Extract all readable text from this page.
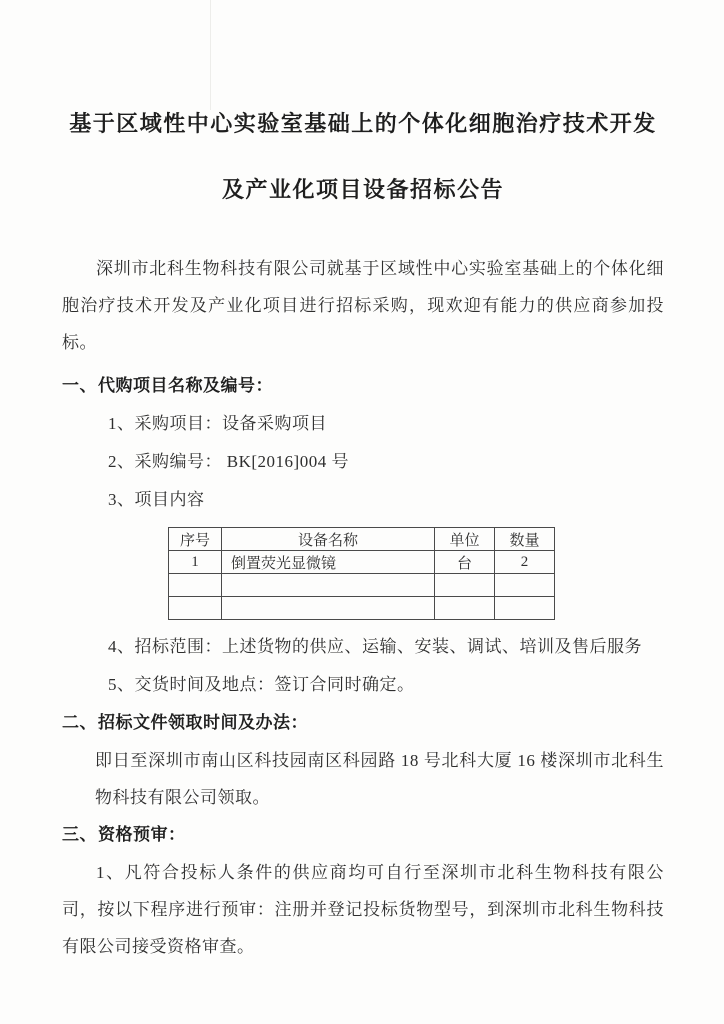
基于区域性中心实验室基础上的个体化细胞治疗技术开发
及产业化项目设备招标公告

深圳市北科生物科技有限公司就基于区域性中心实验室基础上的个体化细胞治疗技术开发及产业化项目进行招标采购，现欢迎有能力的供应商参加投标。

一、 代购项目名称及编号：
1、采购项目：设备采购项目
2、采购编号： BK[2016]004 号
3、项目内容
序号	设备名称	单位	数量
1	倒置荧光显微镜	台	2

4、招标范围：上述货物的供应、运输、安装、调试、培训及售后服务
5、交货时间及地点：签订合同时确定。
二、 招标文件领取时间及办法：

即日至深圳市南山区科技园南区科园路 18 号北科大厦 16 楼深圳市北科生物科技有限公司领取。

三、 资格预审：

1、凡符合投标人条件的供应商均可自行至深圳市北科生物科技有限公司，按以下程序进行预审：注册并登记投标货物型号，到深圳市北科生物科技有限公司接受资格审查。
